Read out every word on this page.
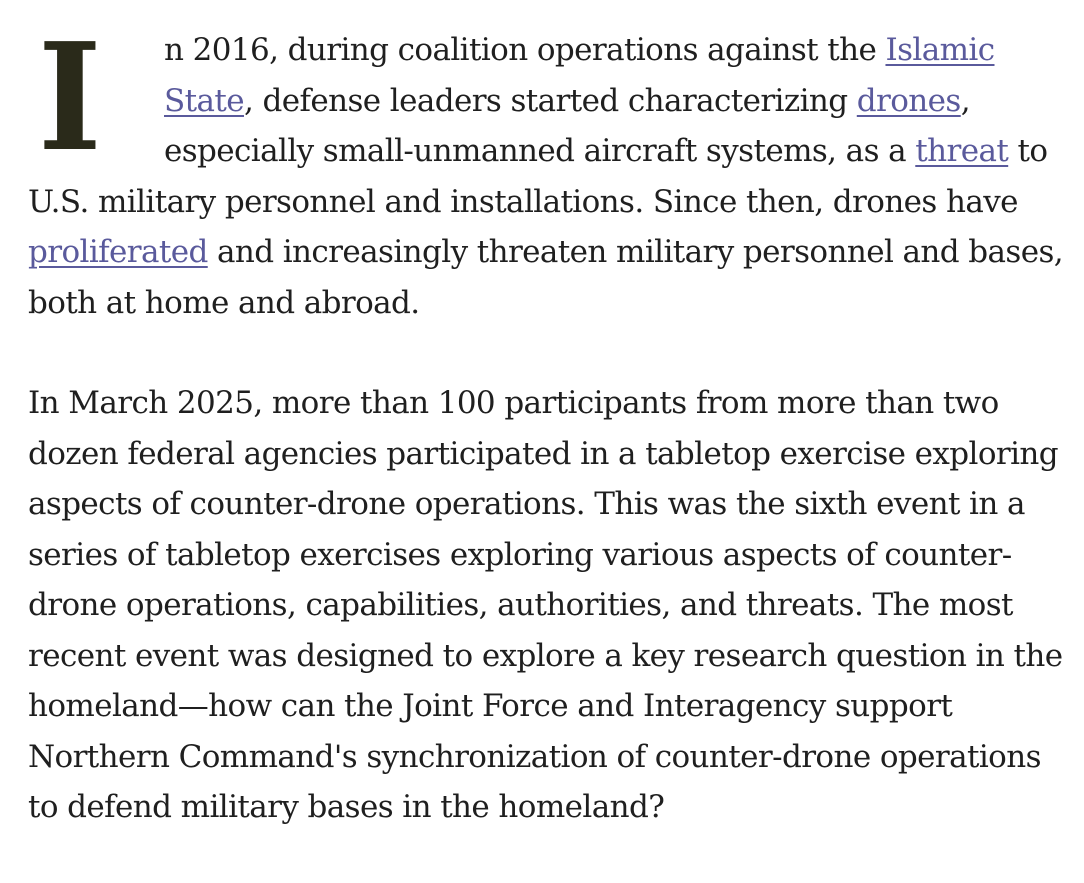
I	n 2016, during coalition operations against the Islamic State, defense leaders started characterizing drones, especially small-unmanned aircraft systems, as a threat to U.S. military personnel and installations. Since then, drones have proliferated and increasingly threaten military personnel and bases, both at home and abroad.

In March 2025, more than 100 participants from more than two dozen federal agencies participated in a tabletop exercise exploring aspects of counter-drone operations. This was the sixth event in a series of tabletop exercises exploring various aspects of counter-drone operations, capabilities, authorities, and threats. The most recent event was designed to explore a key research question in the homeland—how can the Joint Force and Interagency support Northern Command's synchronization of counter-drone operations to defend military bases in the homeland?
